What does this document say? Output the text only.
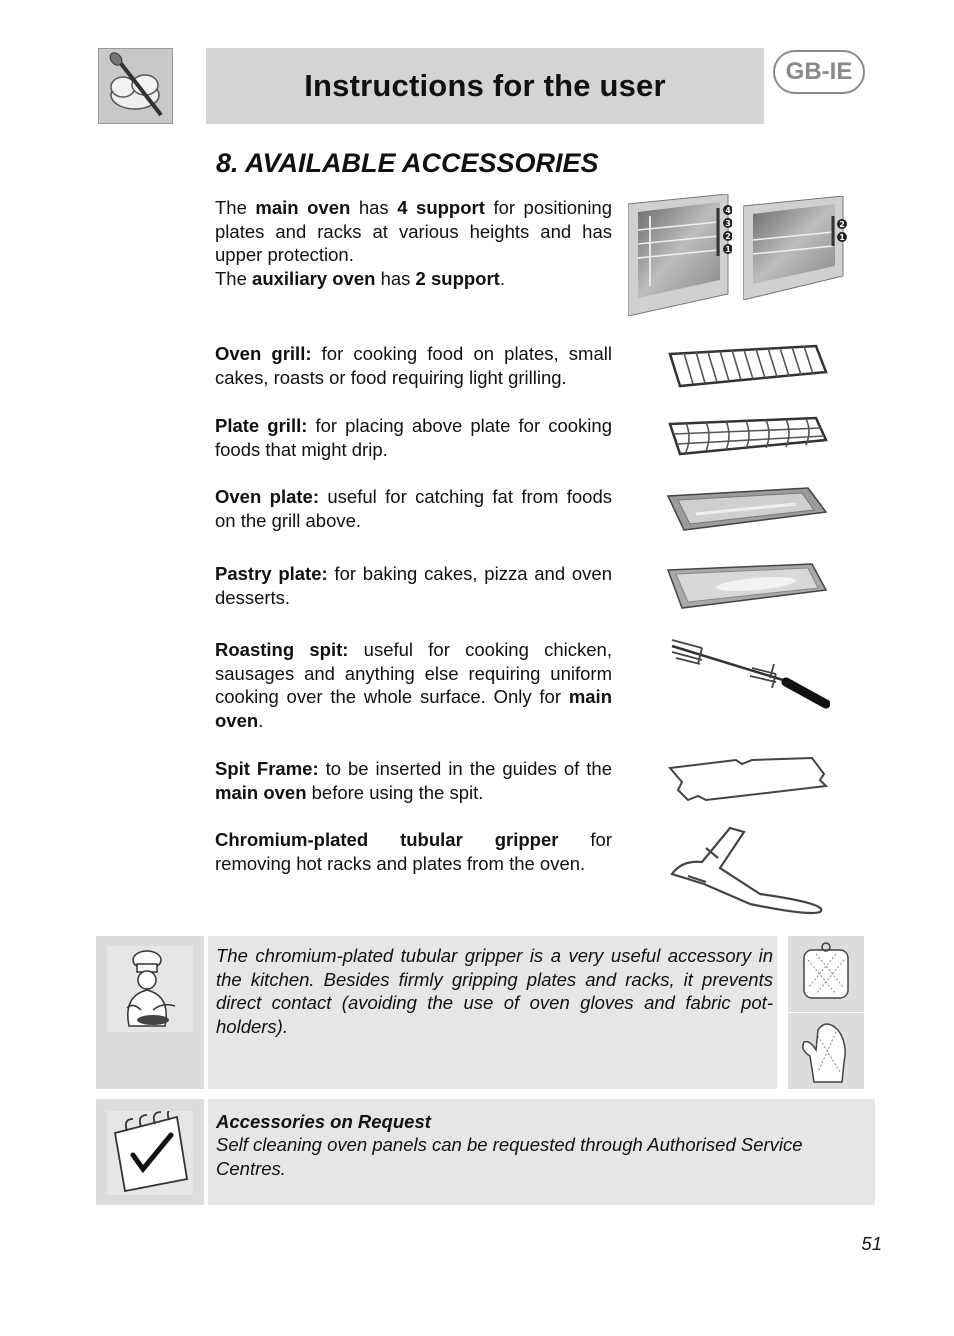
Instructions for the user	GB-IE
8. AVAILABLE ACCESSORIES
The main oven has 4 support for positioning plates and racks at various heights and has upper protection.
The auxiliary oven has 2 support.
4
3
2
1
2
1
Oven grill: for cooking food on plates, small cakes, roasts or food requiring light grilling.
Plate grill: for placing above plate for cooking foods that might drip.
Oven plate: useful for catching fat from foods on the grill above.
Pastry plate: for baking cakes, pizza and oven desserts.
Roasting spit: useful for cooking chicken, sausages and anything else requiring uniform cooking over the whole surface. Only for main oven.
Spit Frame: to be inserted in the guides of the main oven before using the spit.
Chromium-plated tubular gripper for removing hot racks and plates from the oven.
The chromium-plated tubular gripper is a very useful accessory in the kitchen. Besides firmly gripping plates and racks, it prevents direct contact (avoiding the use of oven gloves and fabric pot-holders).
Accessories on Request
Self cleaning oven panels can be requested through Authorised Service Centres.
51
